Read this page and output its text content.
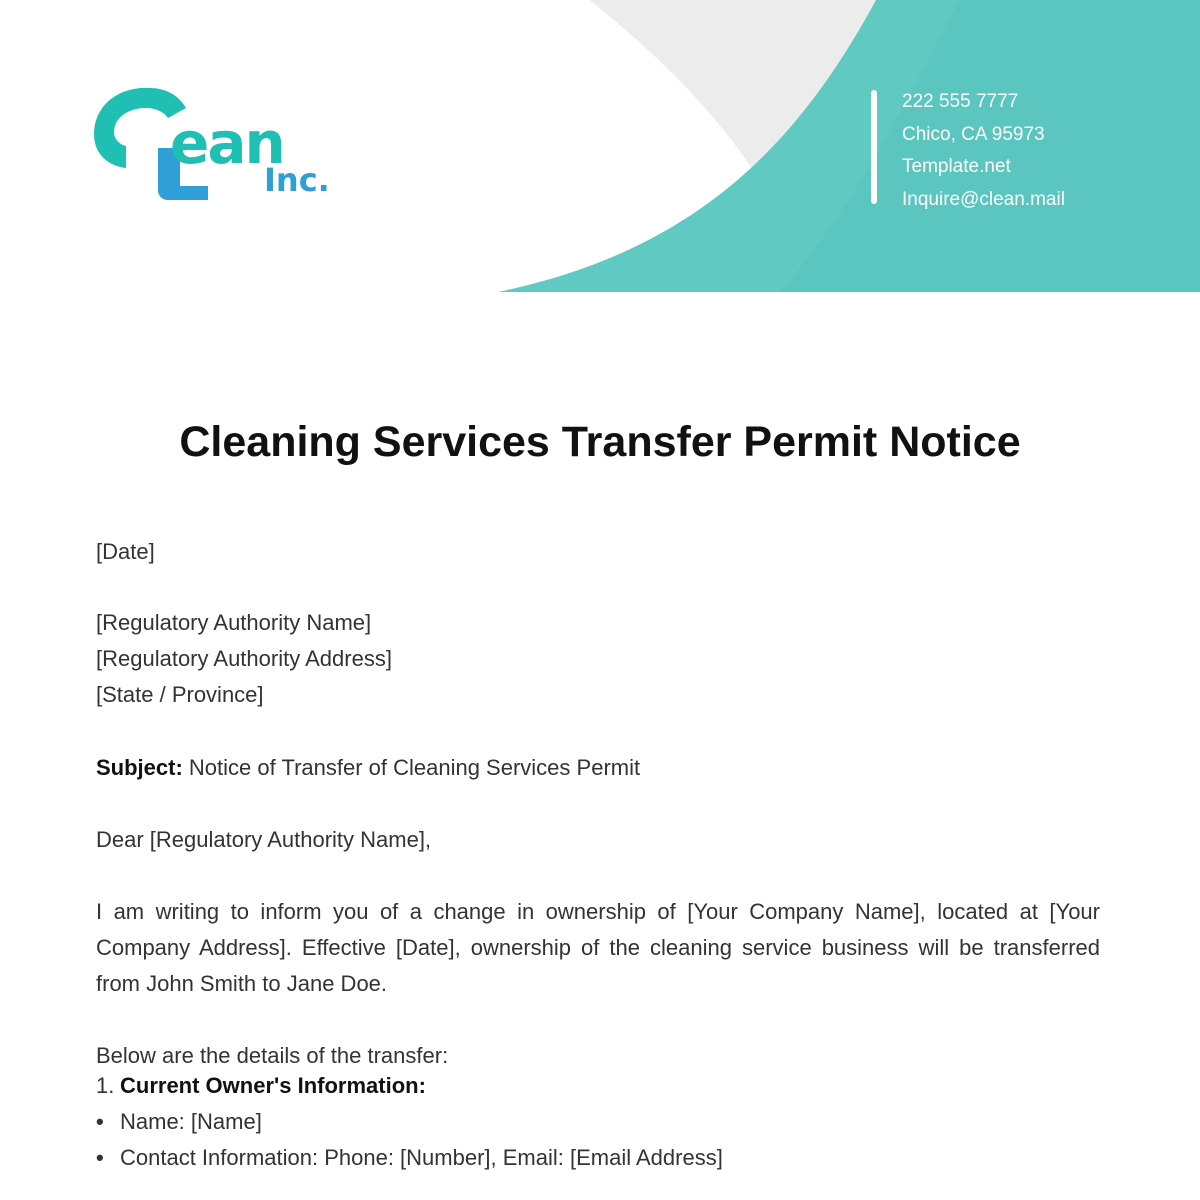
ean
Inc.
222 555 7777
Chico, CA 95973
Template.net
Inquire@clean.mail
Cleaning Services Transfer Permit Notice

[Date]

[Regulatory Authority Name]

[Regulatory Authority Address]

[State / Province]

Subject: Notice of Transfer of Cleaning Services Permit

Dear [Regulatory Authority Name],

I am writing to inform you of a change in ownership of [Your Company Name], located at [Your Company Address]. Effective [Date], ownership of the cleaning service business will be transferred from John Smith to Jane Doe.

Below are the details of the transfer:

1. Current Owner's Information:

• Name: [Name]

• Contact Information: Phone: [Number], Email: [Email Address]
